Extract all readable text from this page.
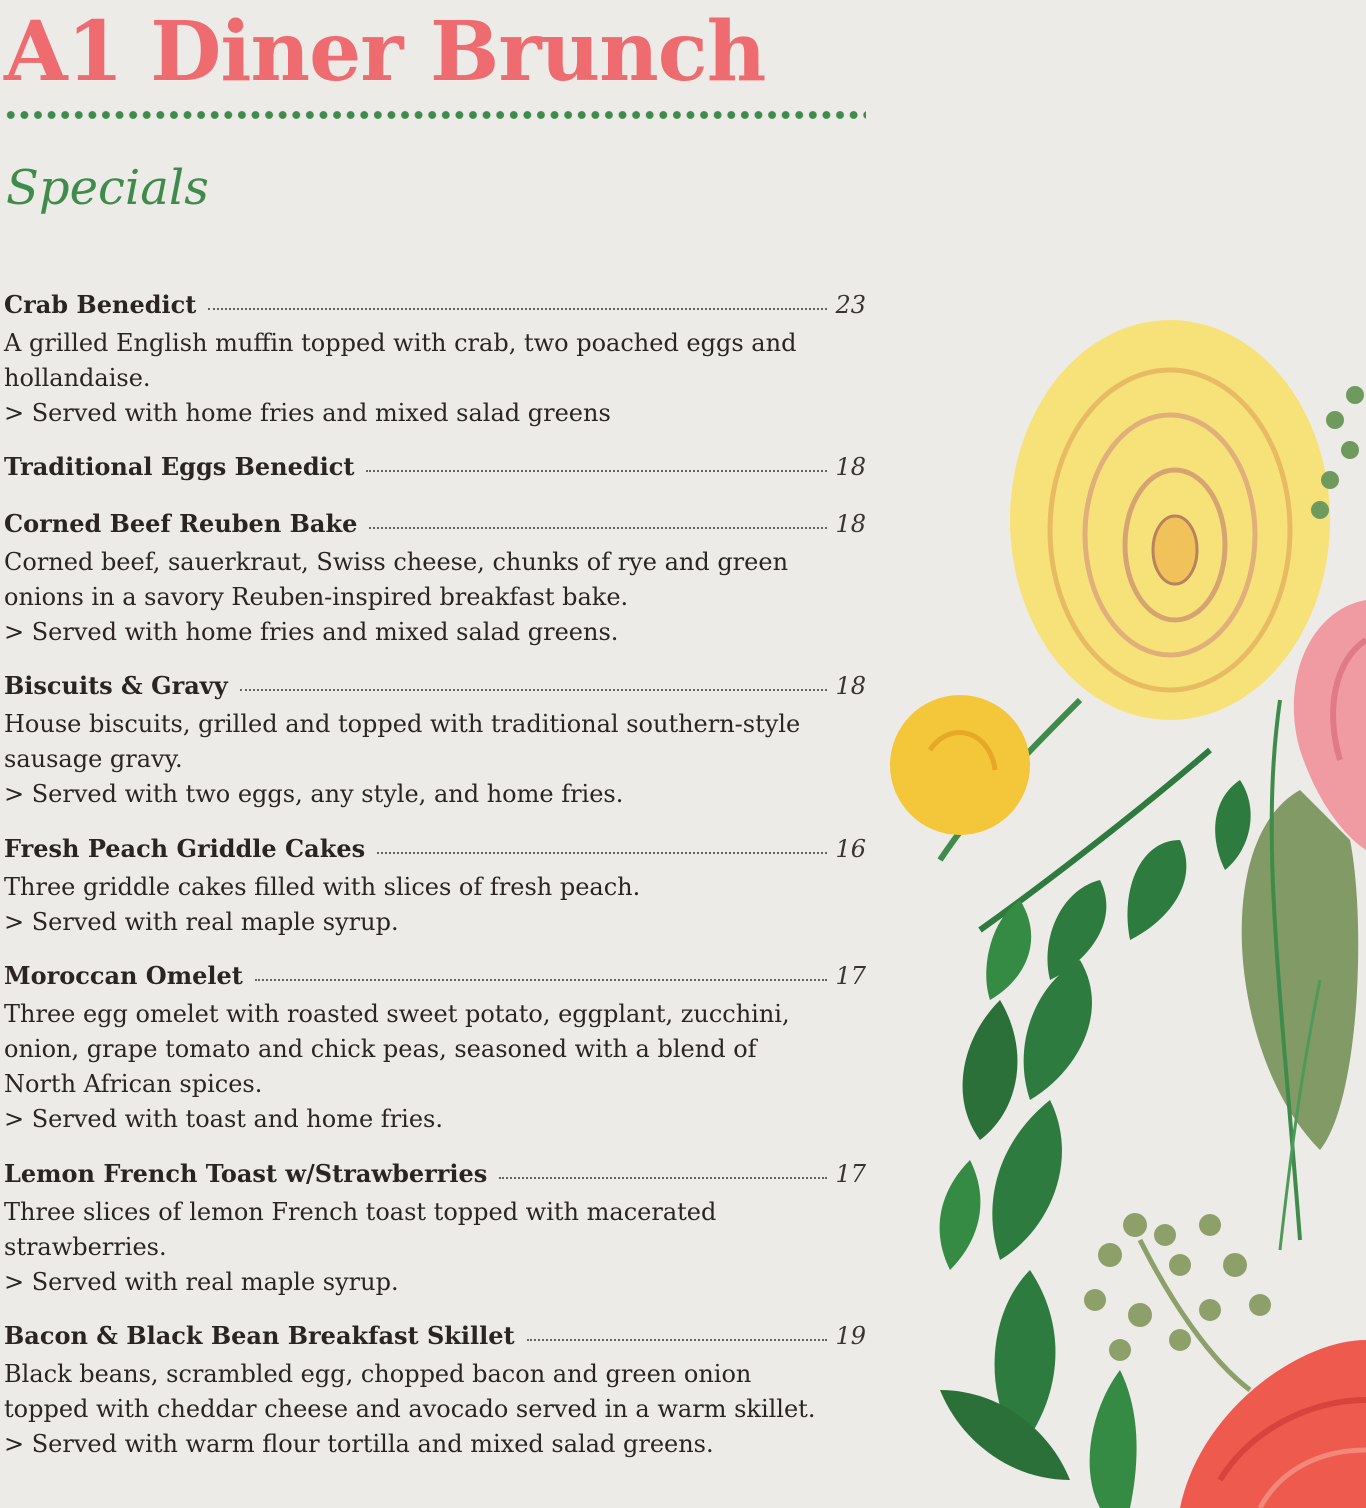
A1 Diner Brunch
Specials
Crab Benedict	23
A grilled English muffin topped with crab, two poached eggs and hollandaise.
> Served with home fries and mixed salad greens
Traditional Eggs Benedict	18
Corned Beef Reuben Bake	18
Corned beef, sauerkraut, Swiss cheese, chunks of rye and green onions in a savory Reuben-inspired breakfast bake.
> Served with home fries and mixed salad greens.
Biscuits & Gravy	18
House biscuits, grilled and topped with traditional southern-style sausage gravy.
> Served with two eggs, any style, and home fries.
Fresh Peach Griddle Cakes	16
Three griddle cakes filled with slices of fresh peach.
> Served with real maple syrup.
Moroccan Omelet	17
Three egg omelet with roasted sweet potato, eggplant, zucchini, onion, grape tomato and chick peas, seasoned with a blend of North African spices.
> Served with toast and home fries.
Lemon French Toast w/Strawberries	17
Three slices of lemon French toast topped with macerated strawberries.
> Served with real maple syrup.
Bacon & Black Bean Breakfast Skillet	19
Black beans, scrambled egg, chopped bacon and green onion topped with cheddar cheese and avocado served in a warm skillet.
> Served with warm flour tortilla and mixed salad greens.
